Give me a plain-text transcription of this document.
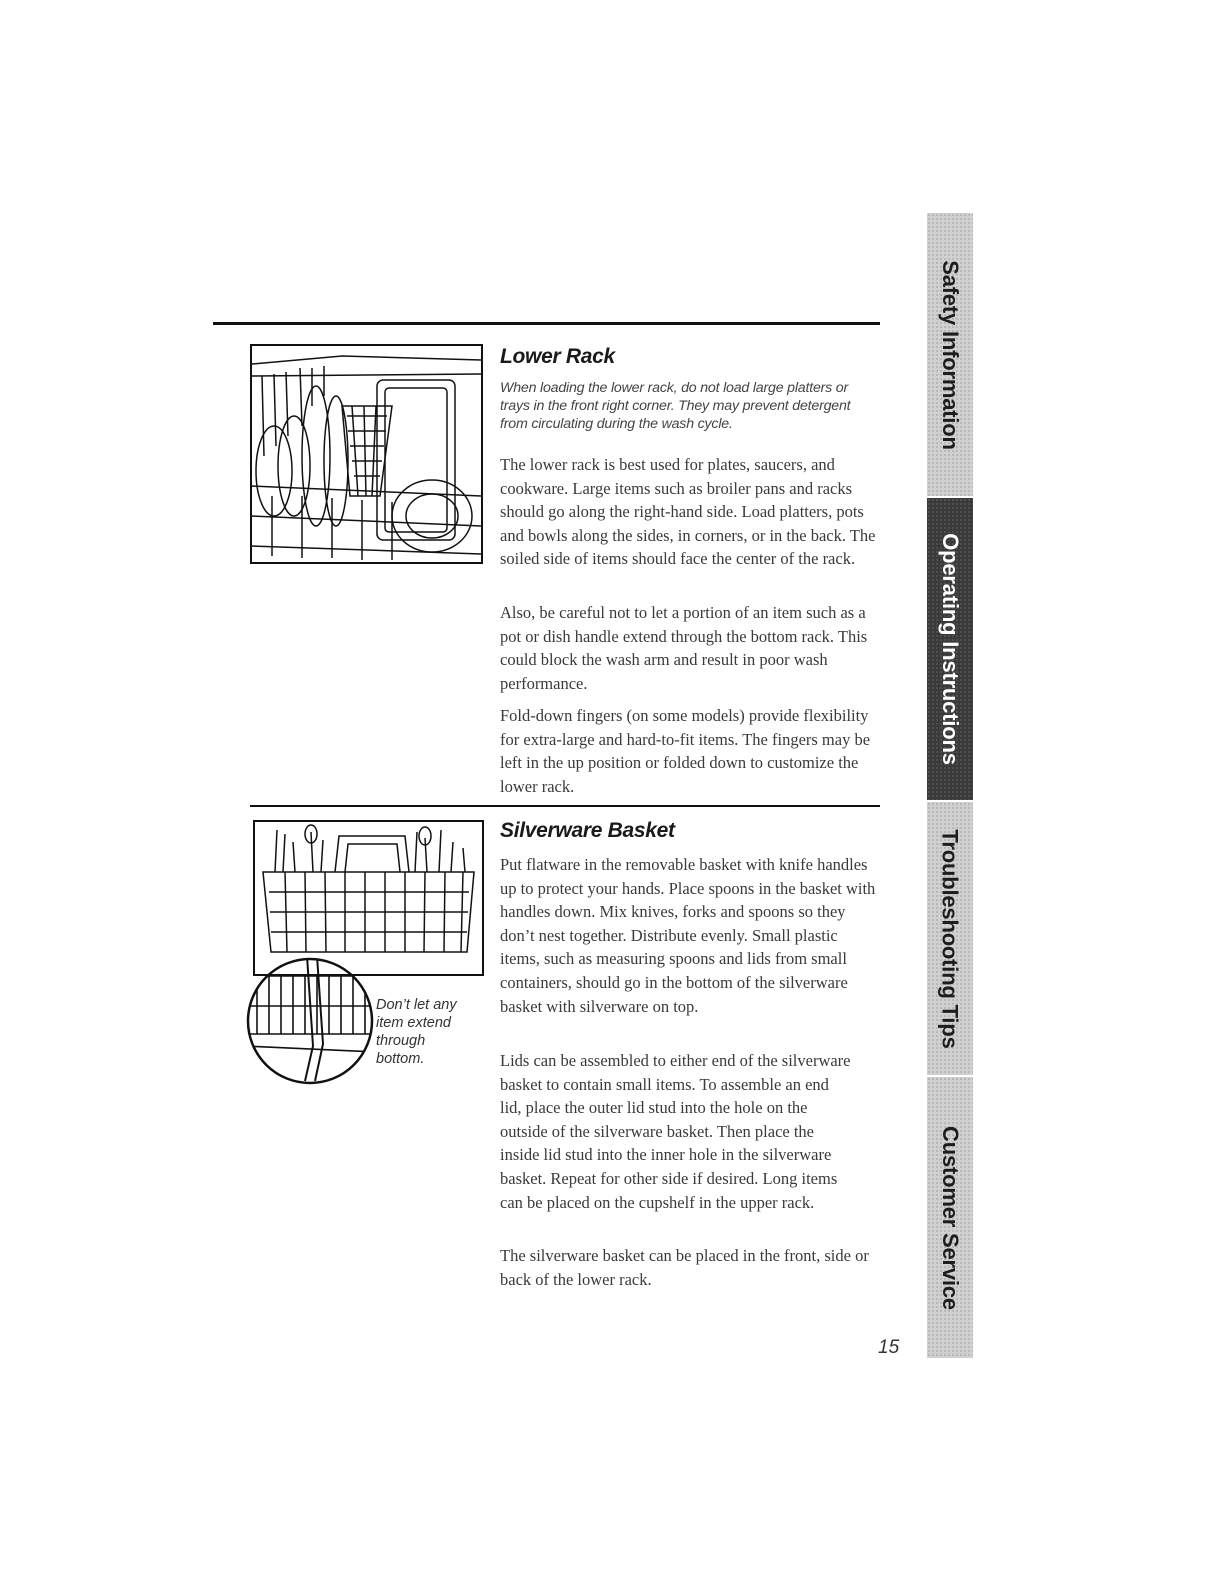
Lower Rack

When loading the lower rack, do not load large platters or trays in the front right corner. They may prevent detergent from circulating during the wash cycle.

The lower rack is best used for plates, saucers, and cookware. Large items such as broiler pans and racks should go along the right-hand side. Load platters, pots and bowls along the sides, in corners, or in the back. The soiled side of items should face the center of the rack.

Also, be careful not to let a portion of an item such as a pot or dish handle extend through the bottom rack. This could block the wash arm and result in poor wash performance.

Fold-down fingers (on some models) provide flexibility for extra-large and hard-to-fit items. The fingers may be left in the up position or folded down to customize the lower rack.

Don’t let any item extend through bottom.
Silverware Basket

Put flatware in the removable basket with knife handles up to protect your hands. Place spoons in the basket with handles down. Mix knives, forks and spoons so they don’t nest together. Distribute evenly. Small plastic items, such as measuring spoons and lids from small containers, should go in the bottom of the silverware basket with silverware on top.

Lids can be assembled to either end of the silverware basket to contain small items. To assemble an end lid, place the outer lid stud into the hole on the outside of the silverware basket. Then place the inside lid stud into the inner hole in the silverware basket. Repeat for other side if desired. Long items can be placed on the cupshelf in the upper rack.

The silverware basket can be placed in the front, side or back of the lower rack.

Safety Information
Operating Instructions
Troubleshooting Tips
Customer Service
15
